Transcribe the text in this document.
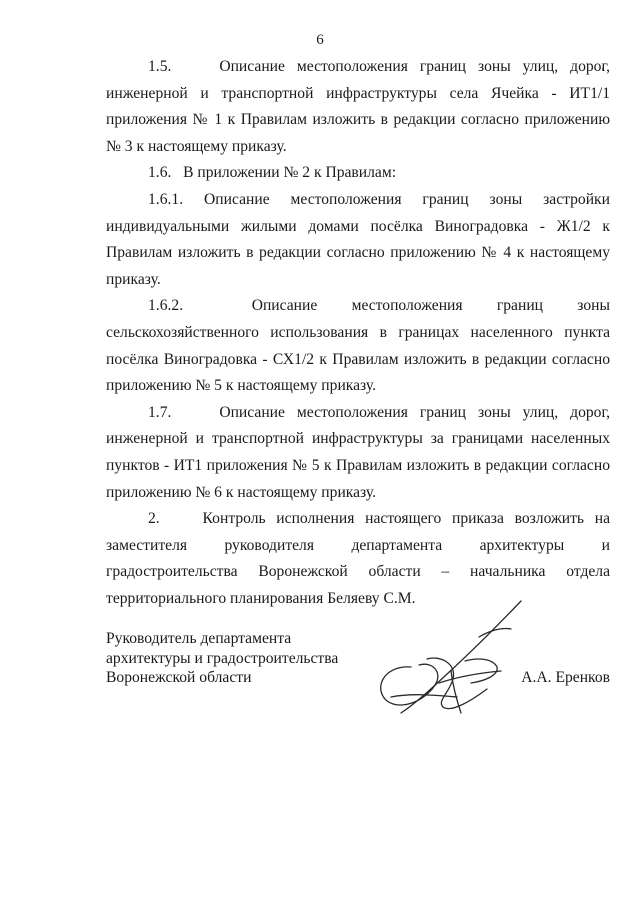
6

1.5.	Описание местоположения границ зоны улиц, дорог, инженерной и транспортной инфраструктуры села Ячейка - ИТ1/1 приложения № 1 к Правилам изложить в редакции согласно приложению № 3 к настоящему приказу.

1.6. В приложении № 2 к Правилам:

1.6.1. Описание местоположения границ зоны застройки индивидуальными жилыми домами посёлка Виноградовка - Ж1/2 к Правилам изложить в редакции согласно приложению № 4 к настоящему приказу.

1.6.2.	Описание местоположения границ зоны сельскохозяйственного использования в границах населенного пункта посёлка Виноградовка - СХ1/2 к Правилам изложить в редакции согласно приложению № 5 к настоящему приказу.

1.7.	Описание местоположения границ зоны улиц, дорог, инженерной и транспортной инфраструктуры за границами населенных пунктов - ИТ1 приложения № 5 к Правилам изложить в редакции согласно приложению № 6 к настоящему приказу.

2.	Контроль исполнения настоящего приказа возложить на заместителя руководителя департамента архитектуры и градостроительства Воронежской области – начальника отдела территориального планирования Беляеву С.М.

Руководитель департамента
архитектуры и градостроительства
Воронежской области	А.А. Еренков
